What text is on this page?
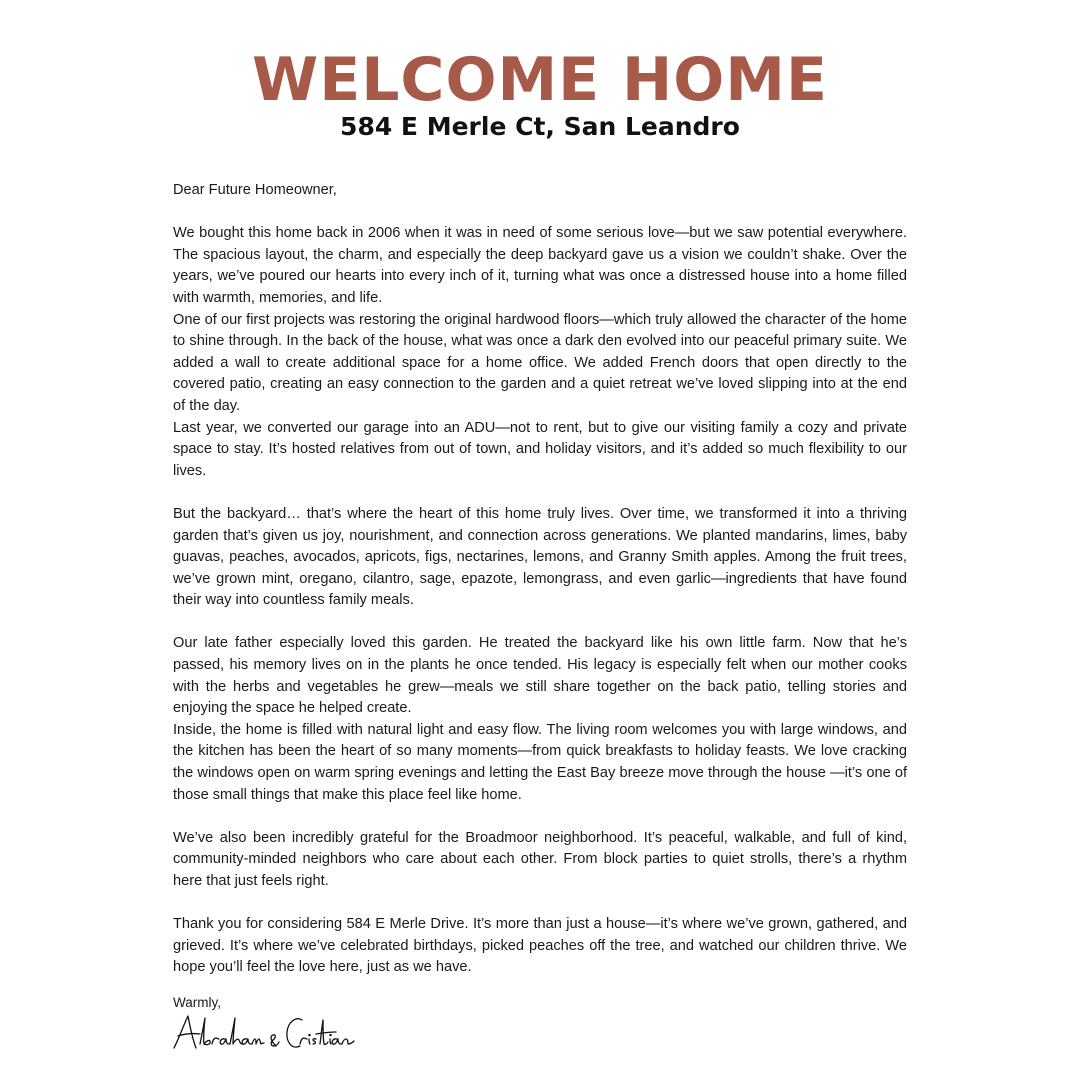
WELCOME HOME
584 E Merle Ct, San Leandro

Dear Future Homeowner,

We bought this home back in 2006 when it was in need of some serious love—but we saw potential everywhere. The spacious layout, the charm, and especially the deep backyard gave us a vision we couldn’t shake. Over the years, we’ve poured our hearts into every inch of it, turning what was once a distressed house into a home filled with warmth, memories, and life.

One of our first projects was restoring the original hardwood floors—which truly allowed the character of the home to shine through. In the back of the house, what was once a dark den evolved into our peaceful primary suite. We added a wall to create additional space for a home office. We added French doors that open directly to the covered patio, creating an easy connection to the garden and a quiet retreat we’ve loved slipping into at the end of the day.

Last year, we converted our garage into an ADU—not to rent, but to give our visiting family a cozy and private space to stay. It’s hosted relatives from out of town, and holiday visitors, and it’s added so much flexibility to our lives.

But the backyard… that’s where the heart of this home truly lives. Over time, we transformed it into a thriving garden that’s given us joy, nourishment, and connection across generations. We planted mandarins, limes, baby guavas, peaches, avocados, apricots, figs, nectarines, lemons, and Granny Smith apples. Among the fruit trees, we’ve grown mint, oregano, cilantro, sage, epazote, lemongrass, and even garlic—ingredients that have found their way into countless family meals.

Our late father especially loved this garden. He treated the backyard like his own little farm. Now that he’s passed, his memory lives on in the plants he once tended. His legacy is especially felt when our mother cooks with the herbs and vegetables he grew—meals we still share together on the back patio, telling stories and enjoying the space he helped create.

Inside, the home is filled with natural light and easy flow. The living room welcomes you with large windows, and the kitchen has been the heart of so many moments—from quick breakfasts to holiday feasts. We love cracking the windows open on warm spring evenings and letting the East Bay breeze move through the house —it’s one of those small things that make this place feel like home.

We’ve also been incredibly grateful for the Broadmoor neighborhood. It’s peaceful, walkable, and full of kind, community-minded neighbors who care about each other. From block parties to quiet strolls, there’s a rhythm here that just feels right.

Thank you for considering 584 E Merle Drive. It’s more than just a house—it’s where we’ve grown, gathered, and grieved. It’s where we’ve celebrated birthdays, picked peaches off the tree, and watched our children thrive. We hope you’ll feel the love here, just as we have.

Warmly,
